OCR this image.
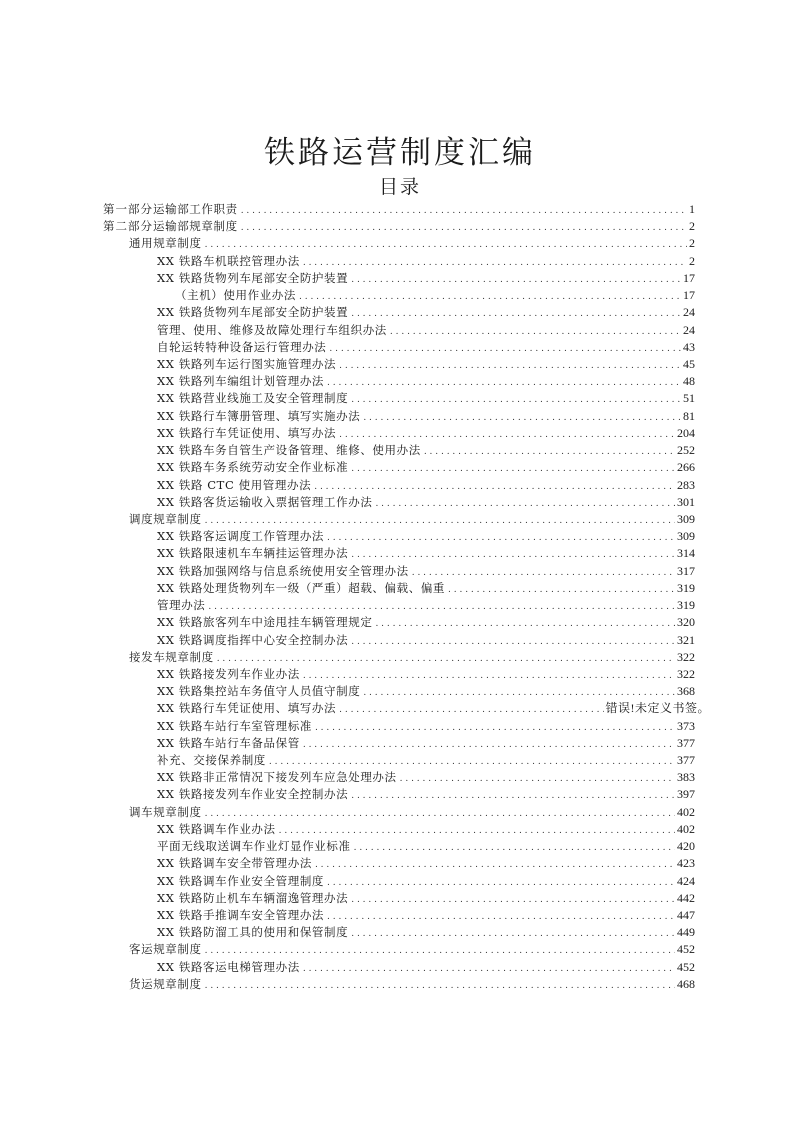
铁路运营制度汇编
目录
第一部分 运输部工作职责 . . .	1
第二部分 运输部规章制度 . . .	2
通用规章制度 . . .	2
XX 铁路车机联控管理办法 . . .	2
XX 铁路货物列车尾部安全防护装置 . . .	17
（主机）使用作业办法 . . .	17
XX 铁路货物列车尾部安全防护装置 . . .	24
管理、使用、维修及故障处理行车组织办法 . . .	24
自轮运转特种设备运行管理办法 . . .	43
XX 铁路列车运行图实施管理办法 . . .	45
XX 铁路列车编组计划管理办法 . . .	48
XX 铁路营业线施工及安全管理制度 . . .	51
XX 铁路行车簿册管理、填写实施办法 . . .	81
XX 铁路行车凭证使用、填写办法 . . .	204
XX 铁路车务自管生产设备管理、维修、使用办法 . . .	252
XX 铁路车务系统劳动安全作业标准 . . .	266
XX 铁路 CTC 使用管理办法 . . .	283
XX 铁路客货运输收入票据管理工作办法 . . .	301
调度规章制度 . . .	309
XX 铁路客运调度工作管理办法 . . .	309
XX 铁路限速机车车辆挂运管理办法 . . .	314
XX 铁路加强网络与信息系统使用安全管理办法 . . .	317
XX 铁路处理货物列车一级（严重）超载、偏载、偏重 . . .	319
管理办法 . . .	319
XX 铁路旅客列车中途甩挂车辆管理规定 . . .	320
XX 铁路调度指挥中心安全控制办法 . . .	321
接发车规章制度 . . .	322
XX 铁路接发列车作业办法 . . .	322
XX 铁路集控站车务值守人员值守制度 . . .	368
XX 铁路行车凭证使用、填写办法 . . .	错误!未定义书签。
XX 铁路车站行车室管理标准 . . .	373
XX 铁路车站行车备品保管 . . .	377
补充、交接保养制度 . . .	377
XX 铁路非正常情况下接发列车应急处理办法 . . .	383
XX 铁路接发列车作业安全控制办法 . . .	397
调车规章制度 . . .	402
XX 铁路调车作业办法 . . .	402
平面无线取送调车作业灯显作业标准 . . .	420
XX 铁路调车安全带管理办法 . . .	423
XX 铁路调车作业安全管理制度 . . .	424
XX 铁路防止机车车辆溜逸管理办法 . . .	442
XX 铁路手推调车安全管理办法 . . .	447
XX 铁路防溜工具的使用和保管制度 . . .	449
客运规章制度 . . .	452
XX 铁路客运电梯管理办法 . . .	452
货运规章制度 . . .	468
